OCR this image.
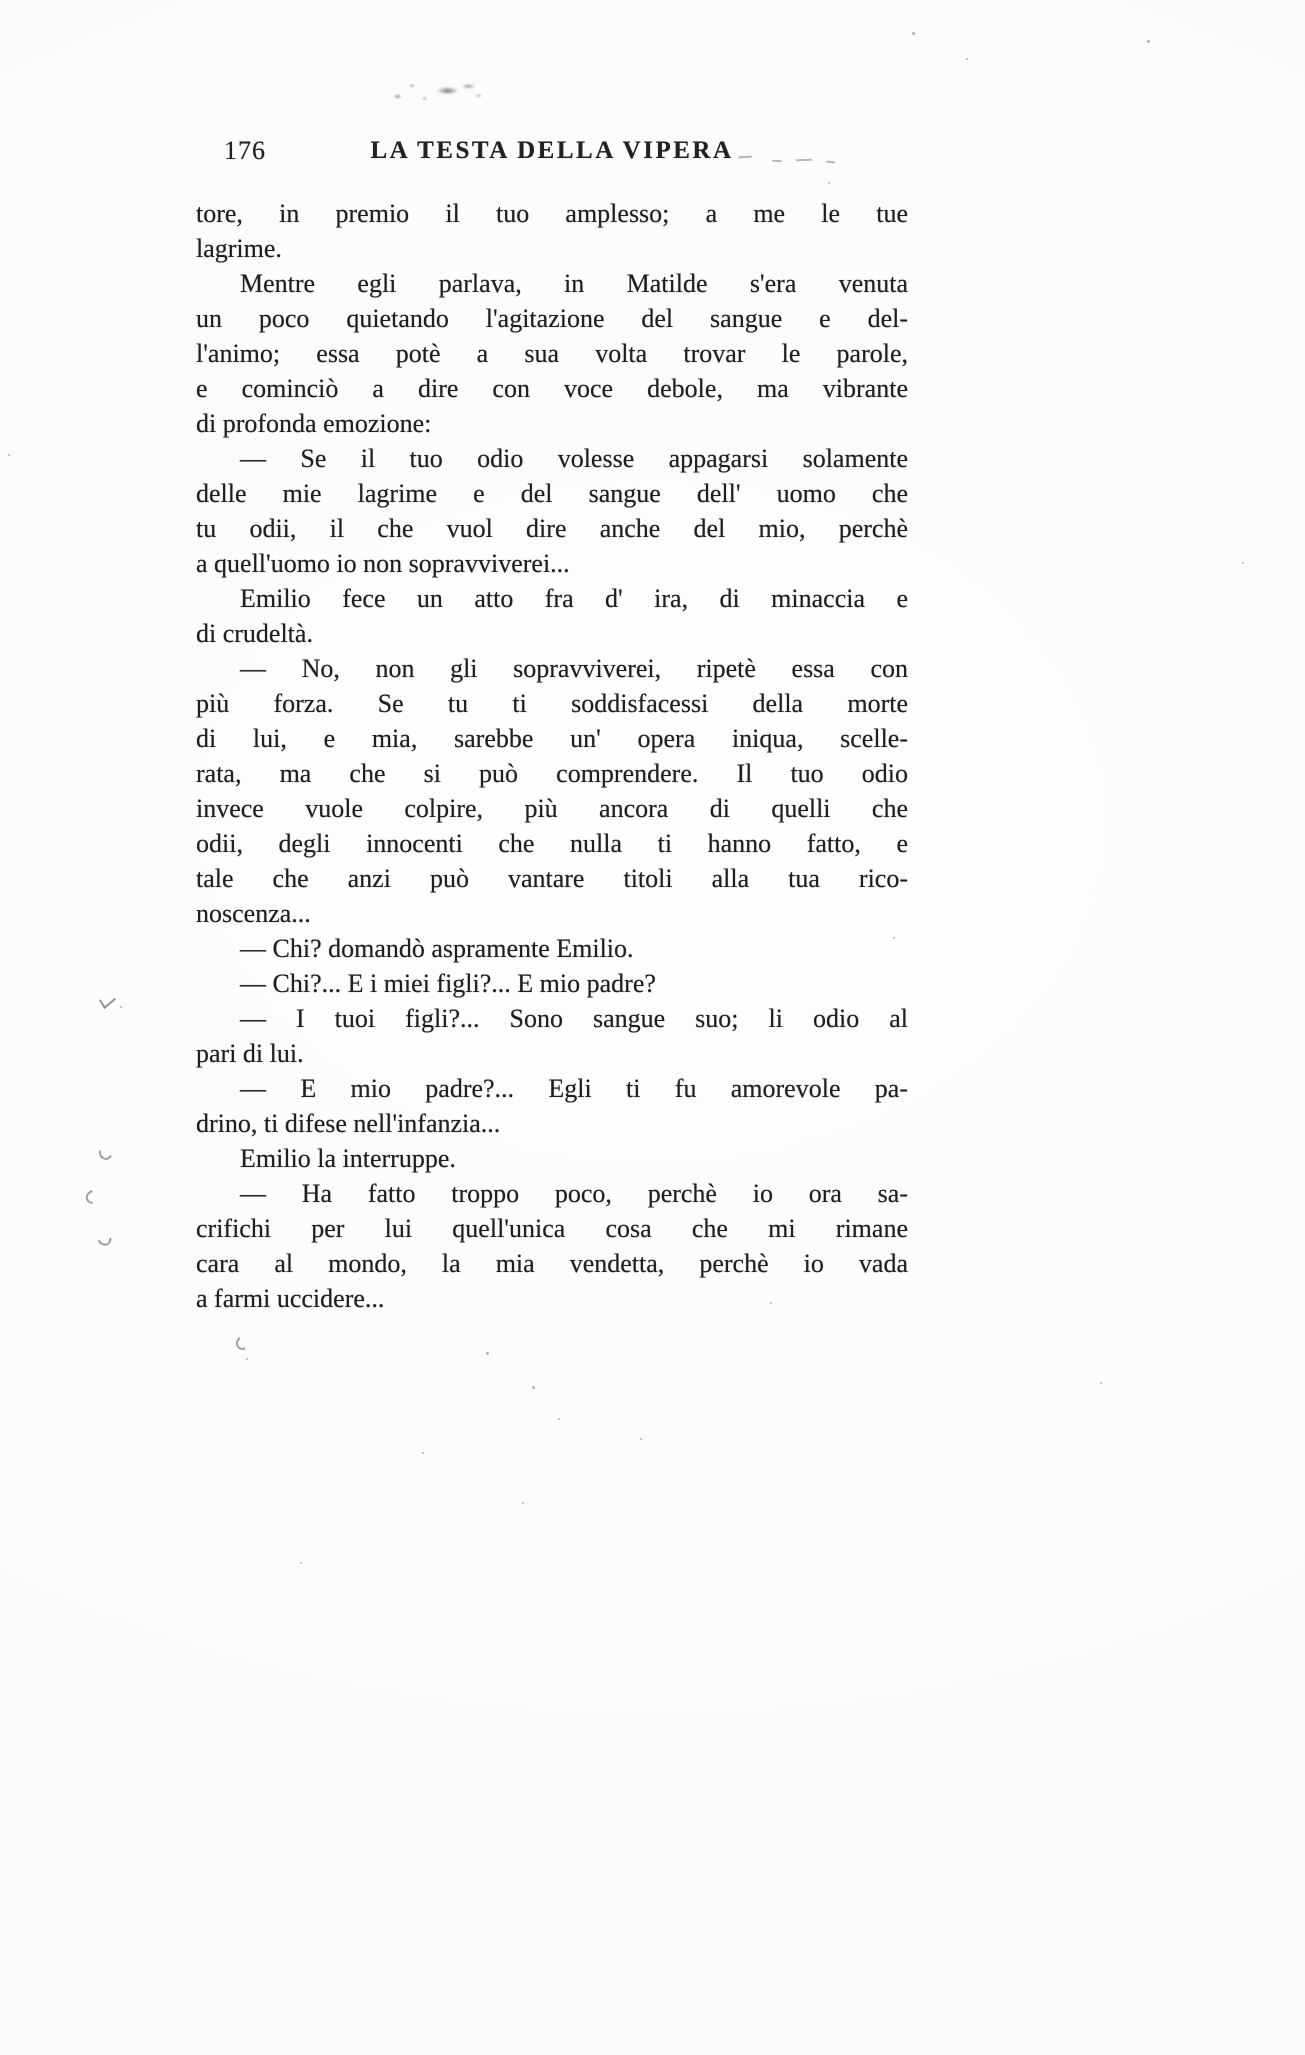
176	LA TESTA DELLA VIPERA

tore, in premio il tuo amplesso; a me le tue
lagrime.

Mentre egli parlava, in Matilde s'era venuta
un poco quietando l'agitazione del sangue e del-
l'animo; essa potè a sua volta trovar le parole,
e cominciò a dire con voce debole, ma vibrante
di profonda emozione:

— Se il tuo odio volesse appagarsi solamente
delle mie lagrime e del sangue dell' uomo che
tu odii, il che vuol dire anche del mio, perchè
a quell'uomo io non sopravviverei...

Emilio fece un atto fra d' ira, di minaccia e
di crudeltà.

— No, non gli sopravviverei, ripetè essa con
più forza. Se tu ti soddisfacessi della morte
di lui, e mia, sarebbe un' opera iniqua, scelle-
rata, ma che si può comprendere. Il tuo odio
invece vuole colpire, più ancora di quelli che
odii, degli innocenti che nulla ti hanno fatto, e
tale che anzi può vantare titoli alla tua rico-
noscenza...

— Chi? domandò aspramente Emilio.

— Chi?... E i miei figli?... E mio padre?

— I tuoi figli?... Sono sangue suo; li odio al
pari di lui.

— E mio padre?... Egli ti fu amorevole pa-
drino, ti difese nell'infanzia...

Emilio la interruppe.

— Ha fatto troppo poco, perchè io ora sa-
crifichi per lui quell'unica cosa che mi rimane
cara al mondo, la mia vendetta, perchè io vada
a farmi uccidere...
